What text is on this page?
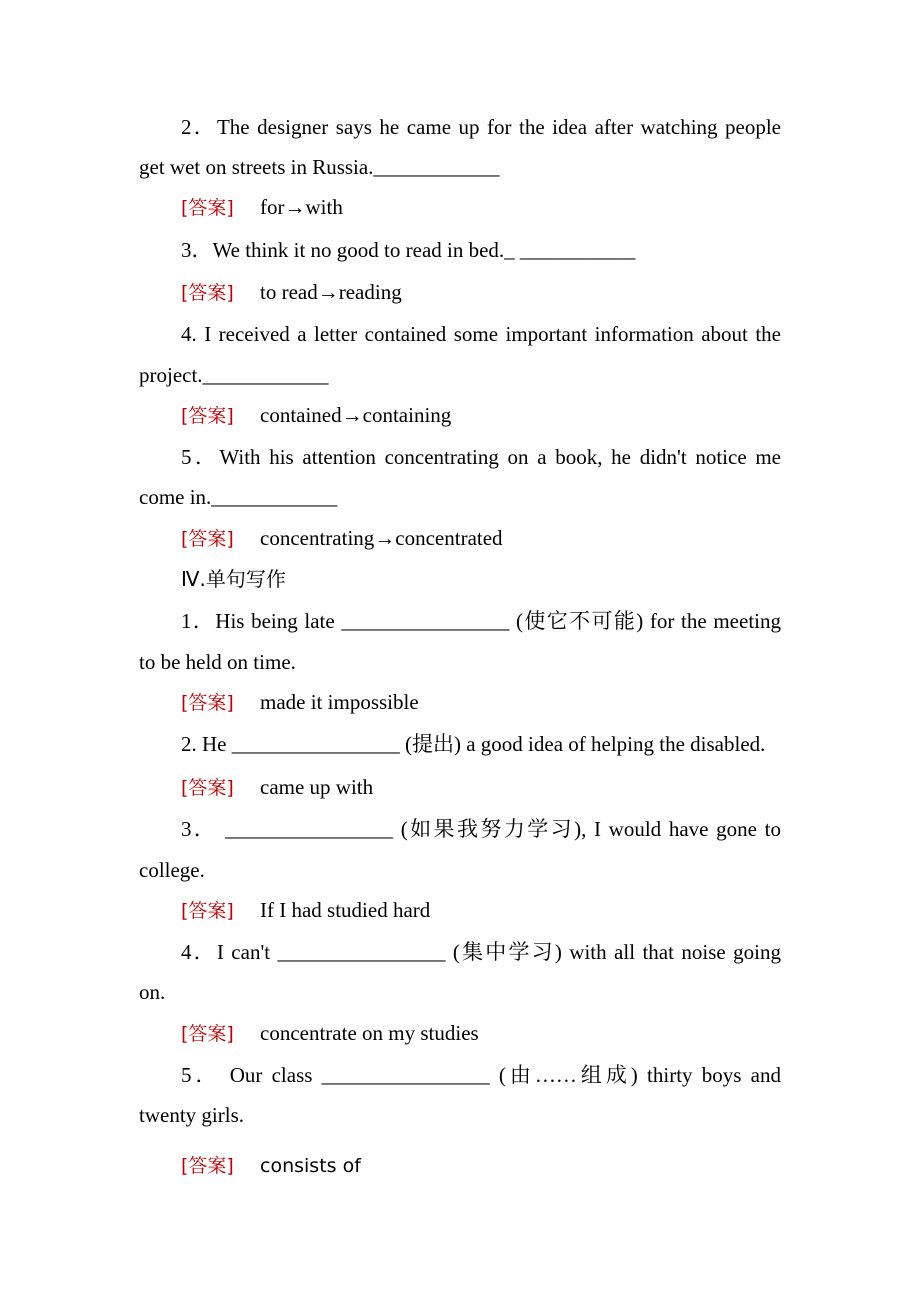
2．The designer says he came up for the idea after watching people
get wet on streets in Russia.____________
[答案] for→with
3．We think it no good to read in bed._ ___________
[答案] to read→reading
4. I received a letter contained some important information about the
project.____________
[答案] contained→containing
5．With his attention concentrating on a book, he didn't notice me
come in.____________
[答案] concentrating→concentrated
Ⅳ.单句写作
1．His being late ________________ (使它不可能) for the meeting
to be held on time.
[答案] made it impossible
2. He ________________ (提出) a good idea of helping the disabled.
[答案] came up with
3． ________________ (如果我努力学习), I would have gone to
college.
[答案] If I had studied hard
4．I can't ________________ (集中学习) with all that noise going
on.
[答案] concentrate on my studies
5． Our class ________________ (由……组成) thirty boys and
twenty girls.
[答案] consists of
